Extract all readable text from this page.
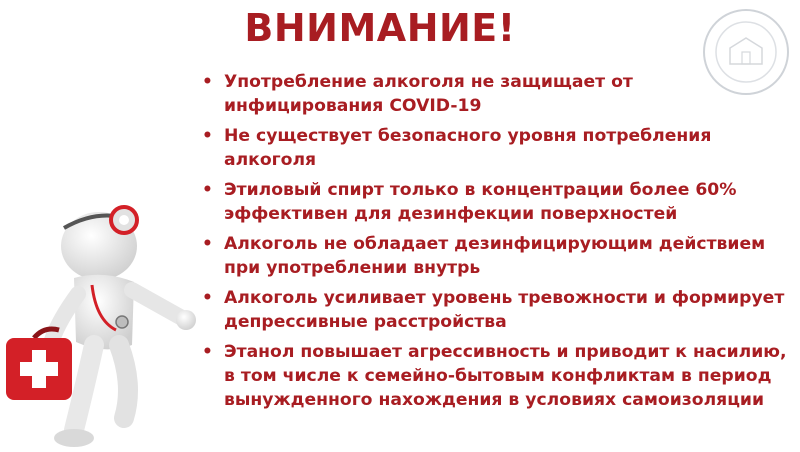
ВНИМАНИЕ!
• Употребление алкоголя не защищает от инфицирования COVID-19
• Не существует безопасного уровня потребления алкоголя
• Этиловый спирт только в концентрации более 60% эффективен для дезинфекции поверхностей
• Алкоголь не обладает дезинфицирующим действием при употреблении внутрь
• Алкоголь усиливает уровень тревожности и формирует депрессивные расстройства
• Этанол повышает агрессивность и приводит к насилию, в том числе к семейно-бытовым конфликтам в период вынужденного нахождения в условиях самоизоляции
